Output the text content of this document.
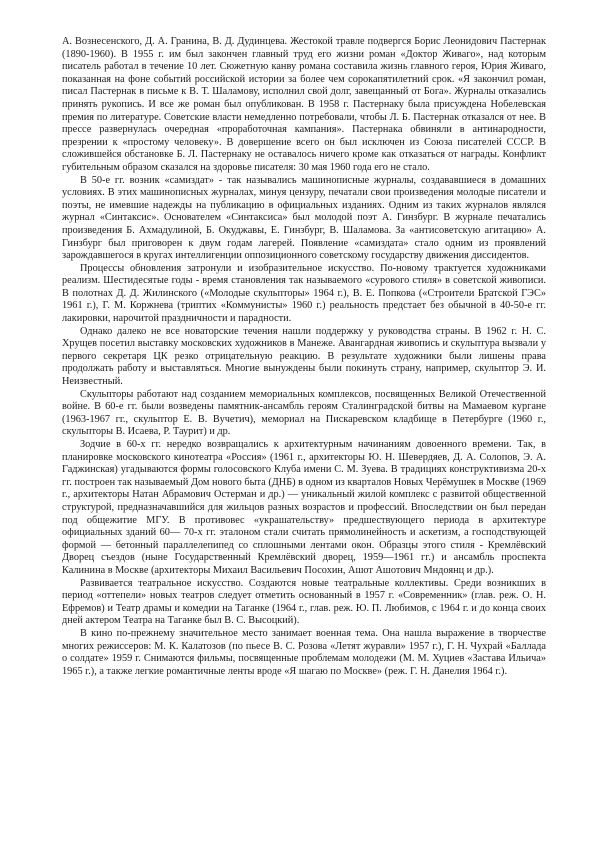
А. Вознесенского, Д. А. Гранина, В. Д. Дудинцева. Жестокой травле подвергся Борис Леонидович Пастернак (1890-1960). В 1955 г. им был закончен главный труд его жизни роман «Доктор Живаго», над которым писатель работал в течение 10 лет. Сюжетную канву романа составила жизнь главного героя, Юрия Живаго, показанная на фоне событий российской истории за более чем сорокапятилетний срок. «Я закончил роман, писал Пастернак в письме к В. Т. Шаламову, исполнил свой долг, завещанный от Бога». Журналы отказались принять рукопись. И все же роман был опубликован. В 1958 г. Пастернаку была присуждена Нобелевская премия по литературе. Советские власти немедленно потребовали, чтобы Л. Б. Пастернак отказался от нее. В прессе развернулась очередная «проработочная кампания». Пастернака обвиняли в антинародности, презрении к «простому человеку». В довершение всего он был исключен из Союза писателей СССР. В сложившейся обстановке Б. Л. Пастернаку не оставалось ничего кроме как отказаться от награды. Конфликт губительным образом сказался на здоровье писателя: 30 мая 1960 года его не стало.

В 50-е гг. возник «самиздат» - так назывались машинописные журналы, создававшиеся в домашних условиях. В этих машинописных журналах, минуя цензуру, печатали свои произведения молодые писатели и поэты, не имевшие надежды на публикацию в официальных изданиях. Одним из таких журналов являлся журнал «Синтаксис». Основателем «Синтаксиса» был молодой поэт А. Гинзбург. В журнале печатались произведения Б. Ахмадулиной, Б. Окуджавы, Е. Гинзбург, В. Шаламова. За «антисоветскую агитацию» А. Гинзбург был приговорен к двум годам лагерей. Появление «самиздата» стало одним из проявлений зарождавшегося в кругах интеллигенции оппозиционного советскому государству движения диссидентов.

Процессы обновления затронули и изобразительное искусство. По-новому трактуется художниками реализм. Шестидесятые годы - время становления так называемого «сурового стиля» в советской живописи. В полотнах Д. Д. Жилинского («Молодые скульпторы» 1964 г.), В. Е. Попкова («Строители Братской ГЭС» 1961 г.), Г. М. Коржнева (триптих «Коммунисты» 1960 г.) реальность предстает без обычной в 40-50-е гг. лакировки, нарочитой праздничности и парадности.

Однако далеко не все новаторские течения нашли поддержку у руководства страны. В 1962 г. Н. С. Хрущев посетил выставку московских художников в Манеже. Авангардная живопись и скульптура вызвали у первого секретаря ЦК резко отрицательную реакцию. В результате художники были лишены права продолжать работу и выставляться. Многие вынуждены были покинуть страну, например, скульптор Э. И. Неизвестный.

Скульпторы работают над созданием мемориальных комплексов, посвященных Великой Отечественной войне. В 60-е гг. были возведены памятник-ансамбль героям Сталинградской битвы на Мамаевом кургане (1963-1967 гг., скульптор Е. В. Вучетич), мемориал на Пискаревском кладбище в Петербурге (1960 г., скульпторы В. Исаева, Р. Таурит) и др.

Зодчие в 60-х гг. нередко возвращались к архитектурным начинаниям довоенного времени. Так, в планировке московского кинотеатра «Россия» (1961 г., архитекторы Ю. Н. Шевердяев, Д. А. Солопов, Э. А. Гаджинская) угадываются формы голосовского Клуба имени С. М. Зуева. В традициях конструктивизма 20-х гг. построен так называемый Дом нового быта (ДНБ) в одном из кварталов Новых Черёмушек в Москве (1969 г., архитекторы Натан Абрамович Остерман и др.) — уникальный жилой комплекс с развитой общественной структурой, предназначавшийся для жильцов разных возрастов и профессий. Впоследствии он был передан под общежитие МГУ. В противовес «украшательству» предшествующего периода в архитектуре официальных зданий 60— 70-х гг. эталоном стали считать прямолинейность и аскетизм, а господствующей формой — бетонный параллелепипед со сплошными лентами окон. Образцы этого стиля - Кремлёвский Дворец съездов (ныне Государственный Кремлёвский дворец, 1959—1961 гг.) и ансамбль проспекта Калинина в Москве (архитекторы Михаил Васильевич Посохин, Ашот Ашотович Мндоянц и др.).

Развивается театральное искусство. Создаются новые театральные коллективы. Среди возникших в период «оттепели» новых театров следует отметить основанный в 1957 г. «Современник» (глав. реж. О. Н. Ефремов) и Театр драмы и комедии на Таганке (1964 г., глав. реж. Ю. П. Любимов, с 1964 г. и до конца своих дней актером Театра на Таганке был В. С. Высоцкий).

В кино по-прежнему значительное место занимает военная тема. Она нашла выражение в творчестве многих режиссеров: М. К. Калатозов (по пьесе В. С. Розова «Летят журавли» 1957 г.), Г. Н. Чухрай «Баллада о солдате» 1959 г. Снимаются фильмы, посвященные проблемам молодежи (М. М. Хуциев «Застава Ильича» 1965 г.), а также легкие романтичные ленты вроде «Я шагаю по Москве» (реж. Г. Н. Данелия 1964 г.).
